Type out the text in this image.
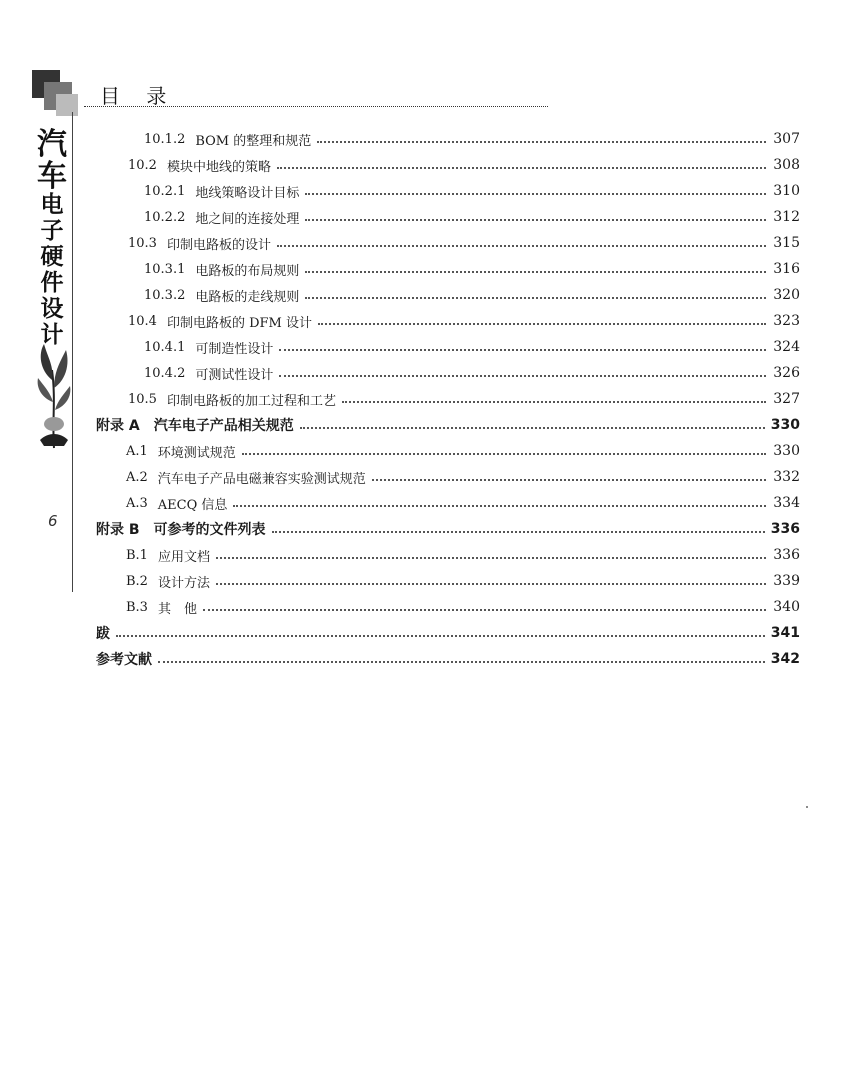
目 录
汽
车
电
子
硬
件
设
计
6
10.1.2 BOM 的整理和规范	307
10.2 模块中地线的策略	308
10.2.1 地线策略设计目标	310
10.2.2 地之间的连接处理	312
10.3 印制电路板的设计	315
10.3.1 电路板的布局规则	316
10.3.2 电路板的走线规则	320
10.4 印制电路板的 DFM 设计	323
10.4.1 可制造性设计	324
10.4.2 可测试性设计	326
10.5 印制电路板的加工过程和工艺	327
附录 A 汽车电子产品相关规范	330
A.1 环境测试规范	330
A.2 汽车电子产品电磁兼容实验测试规范	332
A.3 AECQ 信息	334
附录 B 可参考的文件列表	336
B.1 应用文档	336
B.2 设计方法	339
B.3 其　他	340
跋	341
参考文献	342
